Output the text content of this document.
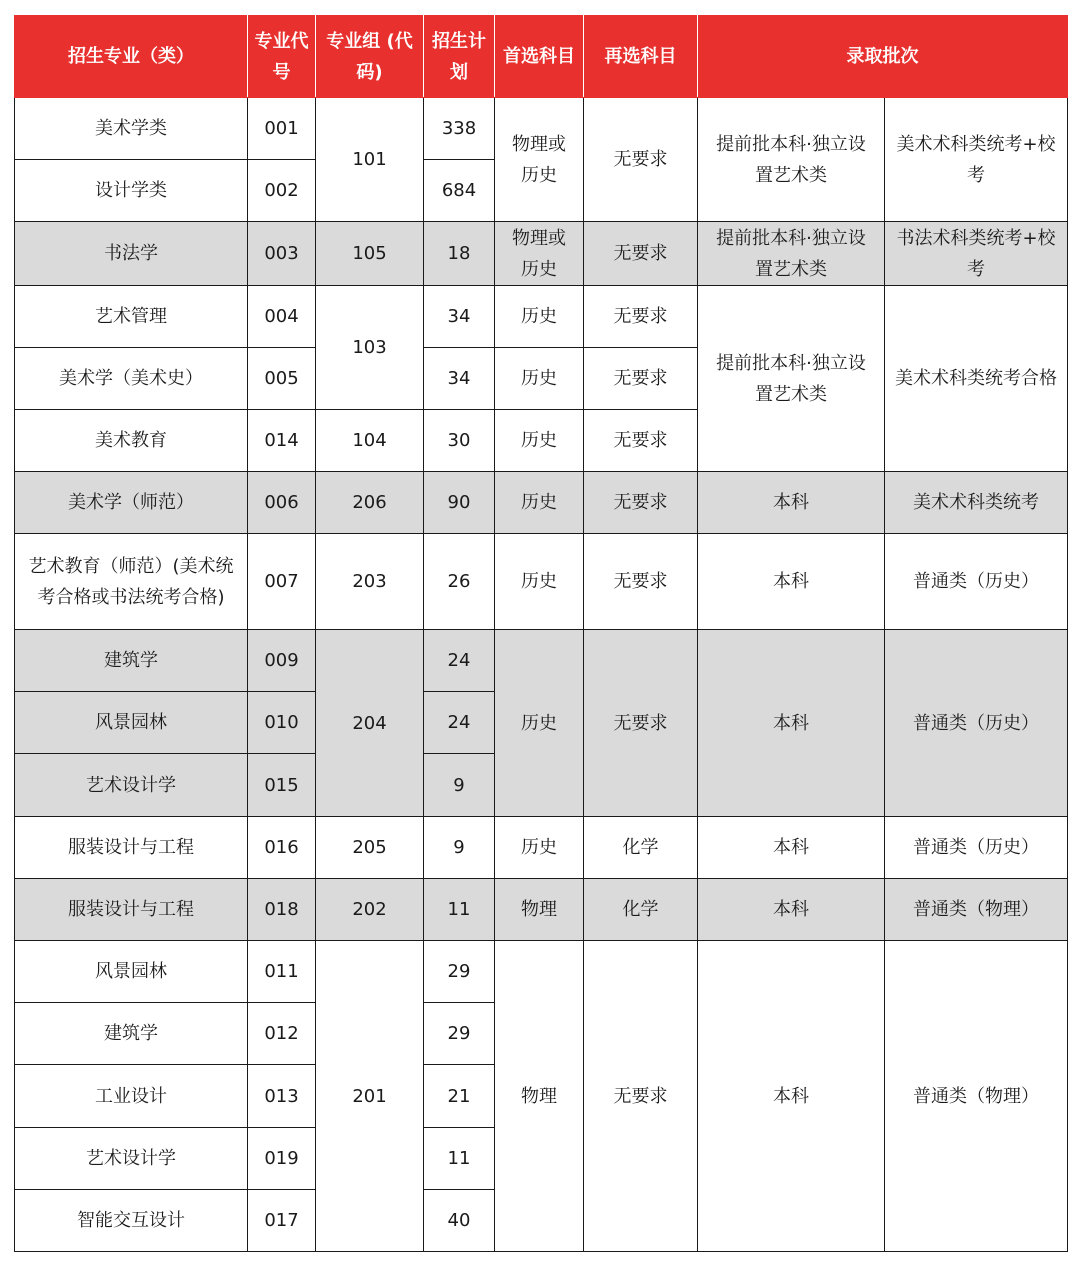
招生专业（类）	专业代号	专业组 (代码)	招生计划	首选科目	再选科目	录取批次	
美术学类	001	101	338	物理或历史	无要求	提前批本科·独立设置艺术类	美术术科类统考+校考
设计学类	002		684				
书法学	003	105	18	物理或历史	无要求	提前批本科·独立设置艺术类	书法术科类统考+校考
艺术管理	004	103	34	历史	无要求	提前批本科·独立设置艺术类	美术术科类统考合格
美术学（美术史）	005		34	历史	无要求		
美术教育	014	104	30	历史	无要求		
美术学（师范）	006	206	90	历史	无要求	本科	美术术科类统考
艺术教育（师范）(美术统考合格或书法统考合格)	007	203	26	历史	无要求	本科	普通类（历史）
建筑学	009	204	24	历史	无要求	本科	普通类（历史）
风景园林	010		24				
艺术设计学	015		9				
服装设计与工程	016	205	9	历史	化学	本科	普通类（历史）
服装设计与工程	018	202	11	物理	化学	本科	普通类（物理）
风景园林	011	201	29	物理	无要求	本科	普通类（物理）
建筑学	012		29				
工业设计	013		21				
艺术设计学	019		11				
智能交互设计	017		40				
